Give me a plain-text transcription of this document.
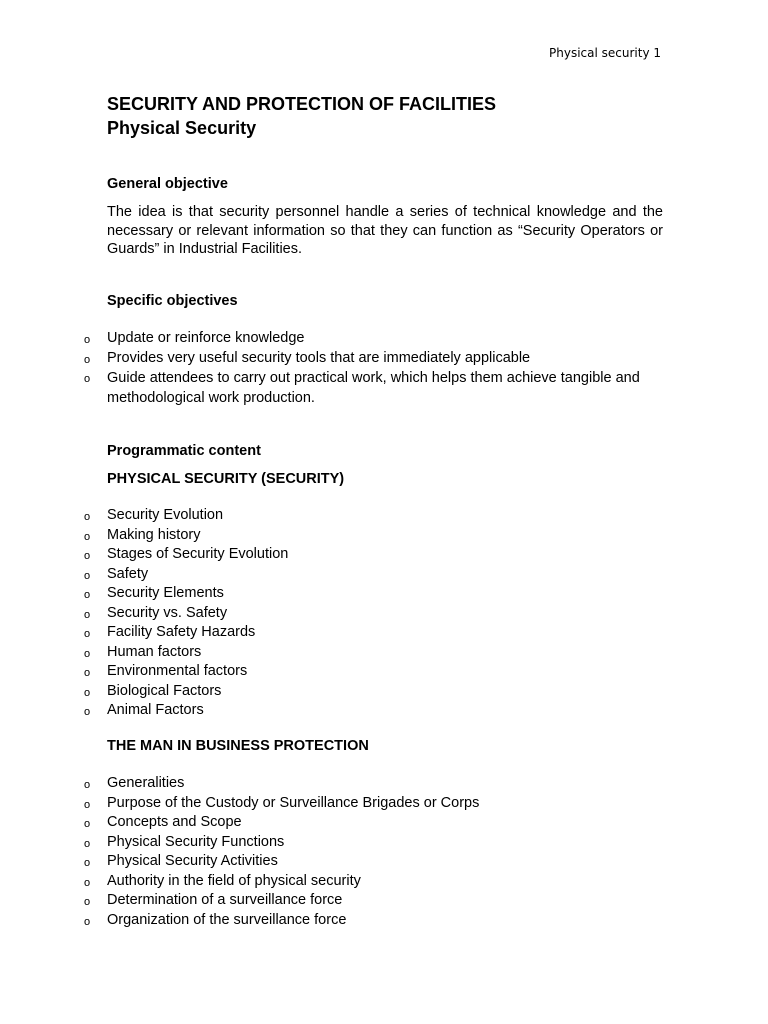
Physical security 1
SECURITY AND PROTECTION OF FACILITIES
Physical Security
General objective
The idea is that security personnel handle a series of technical knowledge and the necessary or relevant information so that they can function as “Security Operators or Guards” in Industrial Facilities.
Specific objectives
o Update or reinforce knowledge
o Provides very useful security tools that are immediately applicable
o Guide attendees to carry out practical work, which helps them achieve tangible and methodological work production.
Programmatic content
PHYSICAL SECURITY (SECURITY)
o Security Evolution
o Making history
o Stages of Security Evolution
o Safety
o Security Elements
o Security vs. Safety
o Facility Safety Hazards
o Human factors
o Environmental factors
o Biological Factors
o Animal Factors
THE MAN IN BUSINESS PROTECTION
o Generalities
o Purpose of the Custody or Surveillance Brigades or Corps
o Concepts and Scope
o Physical Security Functions
o Physical Security Activities
o Authority in the field of physical security
o Determination of a surveillance force
o Organization of the surveillance force
